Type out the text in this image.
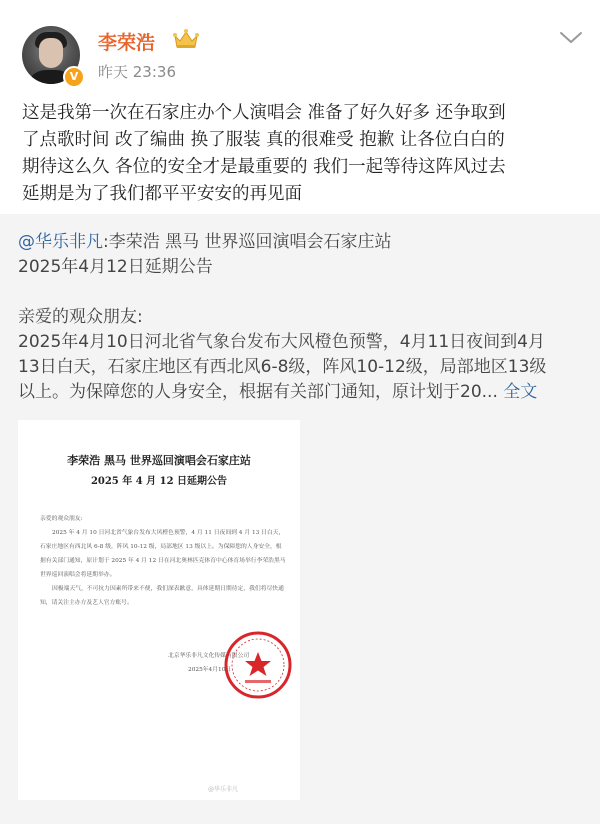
V
李荣浩
昨天 23:36

这是我第一次在石家庄办个人演唱会 准备了好久好多 还争取到

了点歌时间 改了编曲 换了服装 真的很难受 抱歉 让各位白白的

期待这么久 各位的安全才是最重要的 我们一起等待这阵风过去

延期是为了我们都平平安安的再见面

@华乐非凡:李荣浩 黑马 世界巡回演唱会石家庄站

2025年4月12日延期公告

亲爱的观众朋友:

2025年4月10日河北省气象台发布大风橙色预警，4月11日夜间到4月

13日白天，石家庄地区有西北风6-8级，阵风10-12级，局部地区13级

以上。为保障您的人身安全，根据有关部门通知，原计划于20... 全文

李荣浩 黑马 世界巡回演唱会石家庄站
2025 年 4 月 12 日延期公告

亲爱的观众朋友:

2025 年 4 月 10 日河北省气象台发布大风橙色预警，4 月 11 日夜间到 4 月 13 日白天，石家庄地区有西北风 6-8 级，阵风 10-12 级，局部地区 13 级以上。为保障您的人身安全，根据有关部门通知，原计划于 2025 年 4 月 12 日在河北奥林匹克体育中心体育场举行李荣浩黑马世界巡回演唱会将延期举办。

因极端天气，不可抗力因素所带来不便，我们深表歉意，具体延期日期待定，我们将尽快通知，请关注主办方及艺人官方账号。

北京华乐非凡文化传媒有限公司
2025年4月10日
@华乐非凡
